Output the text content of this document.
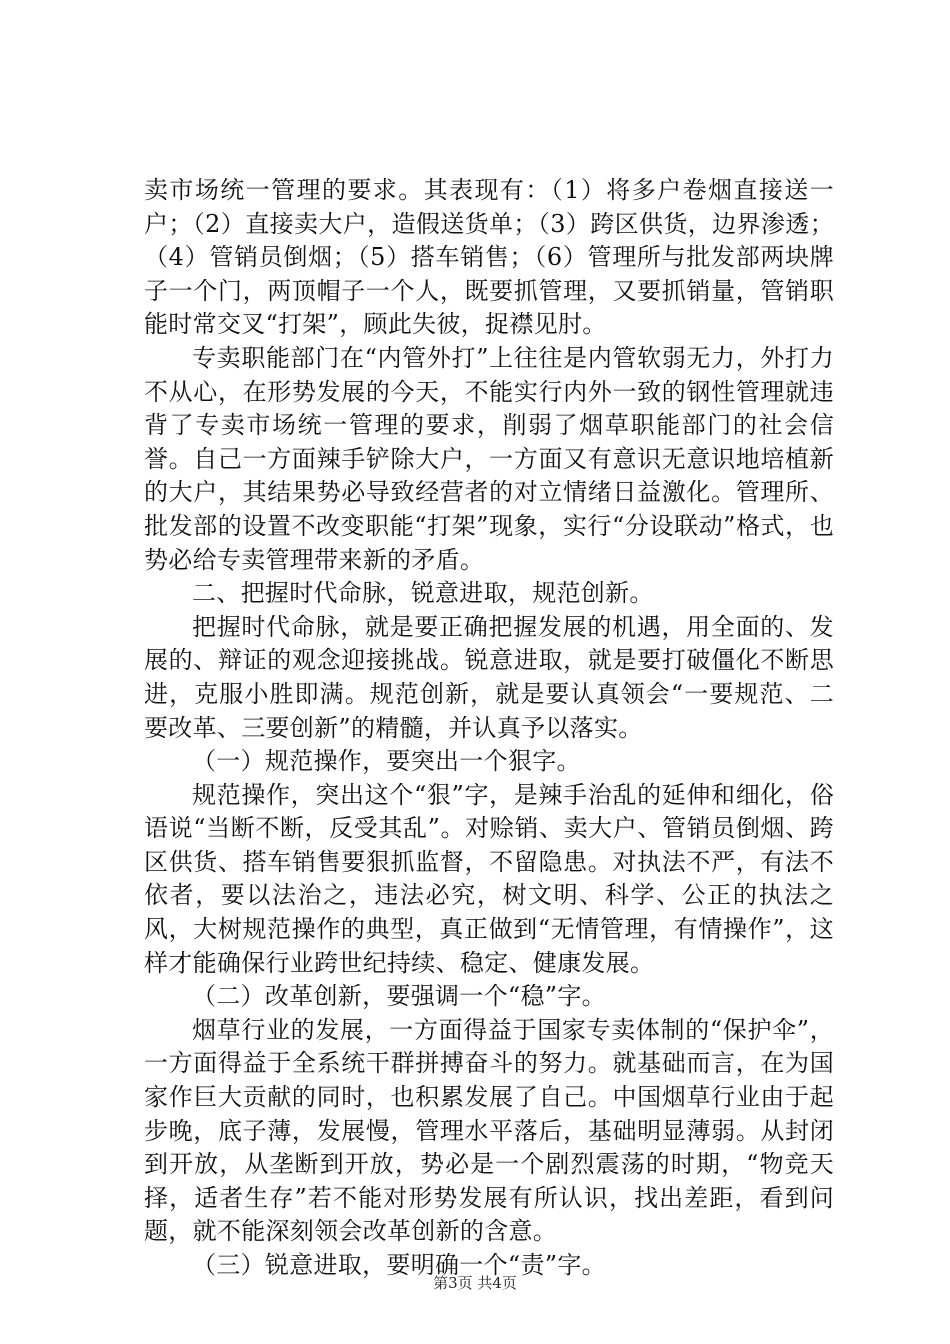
卖市场统一管理的要求。其表现有：（1）将多户卷烟直接送一户；（2）直接卖大户，造假送货单；（3）跨区供货，边界渗透；（4）管销员倒烟；（5）搭车销售；（6）管理所与批发部两块牌子一个门，两顶帽子一个人，既要抓管理，又要抓销量，管销职能时常交叉“打架”，顾此失彼，捉襟见肘。

专卖职能部门在“内管外打”上往往是内管软弱无力，外打力不从心，在形势发展的今天，不能实行内外一致的钢性管理就违背了专卖市场统一管理的要求，削弱了烟草职能部门的社会信誉。自己一方面辣手铲除大户，一方面又有意识无意识地培植新的大户，其结果势必导致经营者的对立情绪日益激化。管理所、批发部的设置不改变职能“打架”现象，实行“分设联动”格式，也势必给专卖管理带来新的矛盾。

二、把握时代命脉，锐意进取，规范创新。

把握时代命脉，就是要正确把握发展的机遇，用全面的、发展的、辩证的观念迎接挑战。锐意进取，就是要打破僵化不断思进，克服小胜即满。规范创新，就是要认真领会“一要规范、二要改革、三要创新”的精髓，并认真予以落实。

（一）规范操作，要突出一个狠字。

规范操作，突出这个“狠”字，是辣手治乱的延伸和细化，俗语说“当断不断，反受其乱”。对赊销、卖大户、管销员倒烟、跨区供货、搭车销售要狠抓监督，不留隐患。对执法不严，有法不依者，要以法治之，违法必究，树文明、科学、公正的执法之风，大树规范操作的典型，真正做到“无情管理，有情操作”，这样才能确保行业跨世纪持续、稳定、健康发展。

（二）改革创新，要强调一个“稳”字。

烟草行业的发展，一方面得益于国家专卖体制的“保护伞”，一方面得益于全系统干群拼搏奋斗的努力。就基础而言，在为国家作巨大贡献的同时，也积累发展了自己。中国烟草行业由于起步晚，底子薄，发展慢，管理水平落后，基础明显薄弱。从封闭到开放，从垄断到开放，势必是一个剧烈震荡的时期，“物竞天择，适者生存”若不能对形势发展有所认识，找出差距，看到问题，就不能深刻领会改革创新的含意。

（三）锐意进取，要明确一个“责”字。

第3页 共4页
